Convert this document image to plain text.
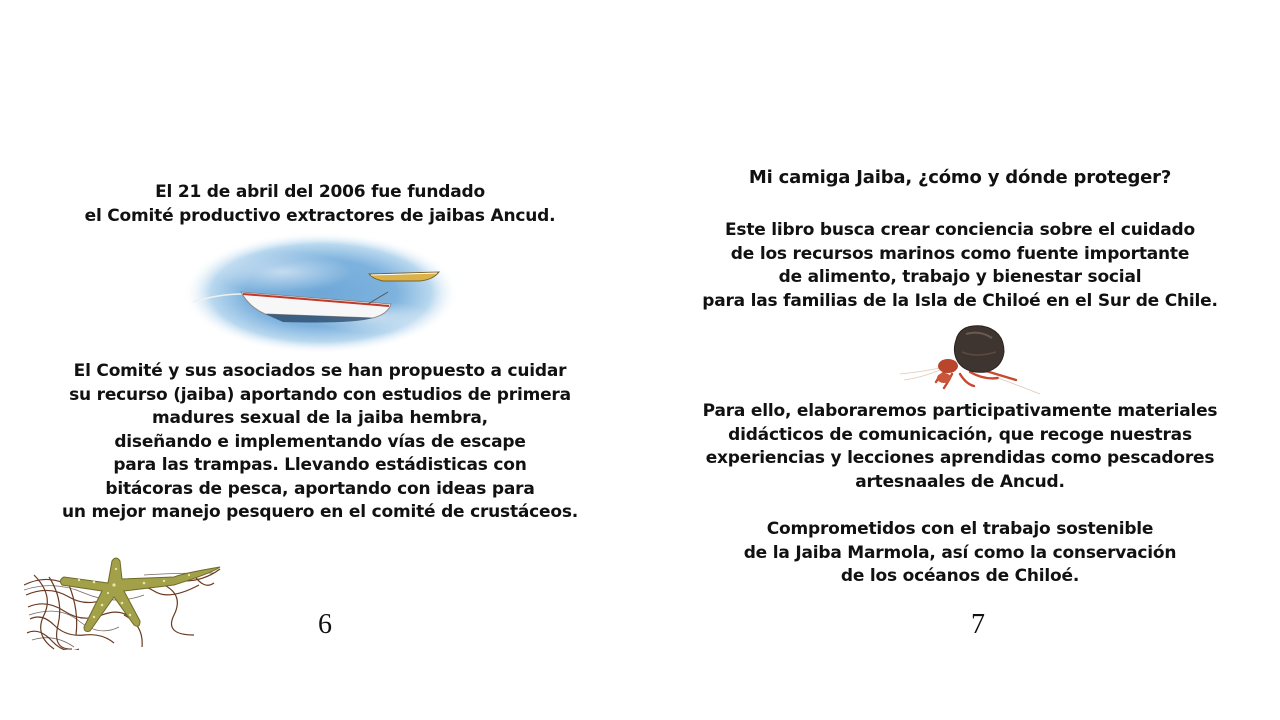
El 21 de abril del 2006 fue fundado
el Comité productivo extractores de jaibas Ancud.
El Comité y sus asociados se han propuesto a cuidar
su recurso (jaiba) aportando con estudios de primera
madures sexual de la jaiba hembra,
diseñando e implementando vías de escape
para las trampas. Llevando estádisticas con
bitácoras de pesca, aportando con ideas para
un mejor manejo pesquero en el comité de crustáceos.
6
Mi camiga Jaiba, ¿cómo y dónde proteger?
Este libro busca crear conciencia sobre el cuidado
de los recursos marinos como fuente importante
de alimento, trabajo y bienestar social
para las familias de la Isla de Chiloé en el Sur de Chile.
Para ello, elaboraremos participativamente materiales
didácticos de comunicación, que recoge nuestras
experiencias y lecciones aprendidas como pescadores
artesnaales de Ancud.
Comprometidos con el trabajo sostenible
de la Jaiba Marmola, así como la conservación
de los océanos de Chiloé.
7
